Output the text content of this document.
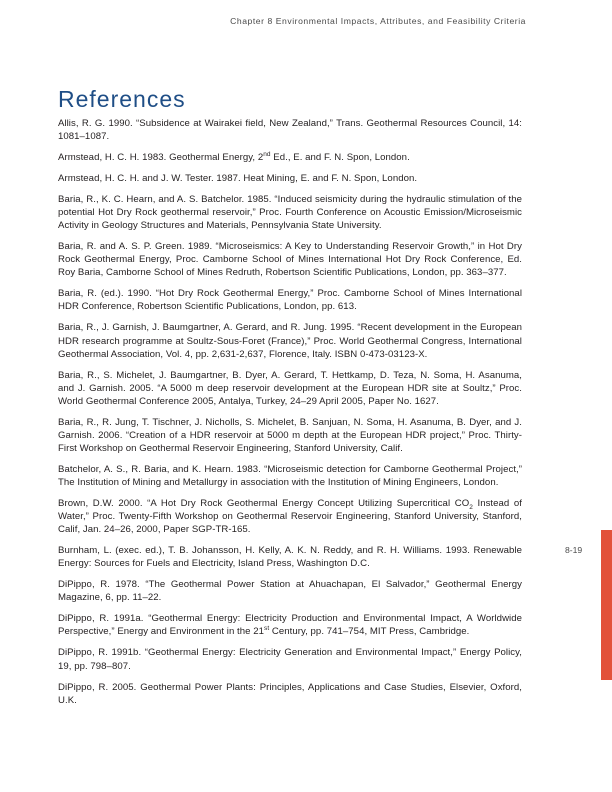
Chapter 8 Environmental Impacts, Attributes, and Feasibility Criteria
References

Allis, R. G. 1990. “Subsidence at Wairakei field, New Zealand,” Trans. Geothermal Resources Council, 14: 1081–1087.

Armstead, H. C. H. 1983. Geothermal Energy, 2nd Ed., E. and F. N. Spon, London.

Armstead, H. C. H. and J. W. Tester. 1987. Heat Mining, E. and F. N. Spon, London.

Baria, R., K. C. Hearn, and A. S. Batchelor. 1985. “Induced seismicity during the hydraulic stimulation of the potential Hot Dry Rock geothermal reservoir,” Proc. Fourth Conference on Acoustic Emission/Microseismic Activity in Geology Structures and Materials, Pennsylvania State University.

Baria, R. and A. S. P. Green. 1989. “Microseismics: A Key to Understanding Reservoir Growth,” in Hot Dry Rock Geothermal Energy, Proc. Camborne School of Mines International Hot Dry Rock Conference, Ed. Roy Baria, Camborne School of Mines Redruth, Robertson Scientific Publications, London, pp. 363–377.

Baria, R. (ed.). 1990. “Hot Dry Rock Geothermal Energy,” Proc. Camborne School of Mines International HDR Conference, Robertson Scientific Publications, London, pp. 613.

Baria, R., J. Garnish, J. Baumgartner, A. Gerard, and R. Jung. 1995. “Recent development in the European HDR research programme at Soultz-Sous-Foret (France),” Proc. World Geothermal Congress, International Geothermal Association, Vol. 4, pp. 2,631-2,637, Florence, Italy. ISBN 0-473-03123-X.

Baria, R., S. Michelet, J. Baumgartner, B. Dyer, A. Gerard, T. Hettkamp, D. Teza, N. Soma, H. Asanuma, and J. Garnish. 2005. “A 5000 m deep reservoir development at the European HDR site at Soultz,” Proc. World Geothermal Conference 2005, Antalya, Turkey, 24–29 April 2005, Paper No. 1627.

Baria, R., R. Jung, T. Tischner, J. Nicholls, S. Michelet, B. Sanjuan, N. Soma, H. Asanuma, B. Dyer, and J. Garnish. 2006. “Creation of a HDR reservoir at 5000 m depth at the European HDR project,” Proc. Thirty-First Workshop on Geothermal Reservoir Engineering, Stanford University, Calif.

Batchelor, A. S., R. Baria, and K. Hearn. 1983. “Microseismic detection for Camborne Geothermal Project,” The Institution of Mining and Metallurgy in association with the Institution of Mining Engineers, London.

Brown, D.W. 2000. “A Hot Dry Rock Geothermal Energy Concept Utilizing Supercritical $CO_2$ Instead of Water,” Proc. Twenty-Fifth Workshop on Geothermal Reservoir Engineering, Stanford University, Stanford, Calif, Jan. 24–26, 2000, Paper SGP-TR-165.

Burnham, L. (exec. ed.), T. B. Johansson, H. Kelly, A. K. N. Reddy, and R. H. Williams. 1993. Renewable Energy: Sources for Fuels and Electricity, Island Press, Washington D.C.

DiPippo, R. 1978. “The Geothermal Power Station at Ahuachapan, El Salvador,” Geothermal Energy Magazine, 6, pp. 11–22.

DiPippo, R. 1991a. “Geothermal Energy: Electricity Production and Environmental Impact, A Worldwide Perspective,” Energy and Environment in the 21st Century, pp. 741–754, MIT Press, Cambridge.

DiPippo, R. 1991b. “Geothermal Energy: Electricity Generation and Environmental Impact,” Energy Policy, 19, pp. 798–807.

DiPippo, R. 2005. Geothermal Power Plants: Principles, Applications and Case Studies, Elsevier, Oxford, U.K.

8-19
